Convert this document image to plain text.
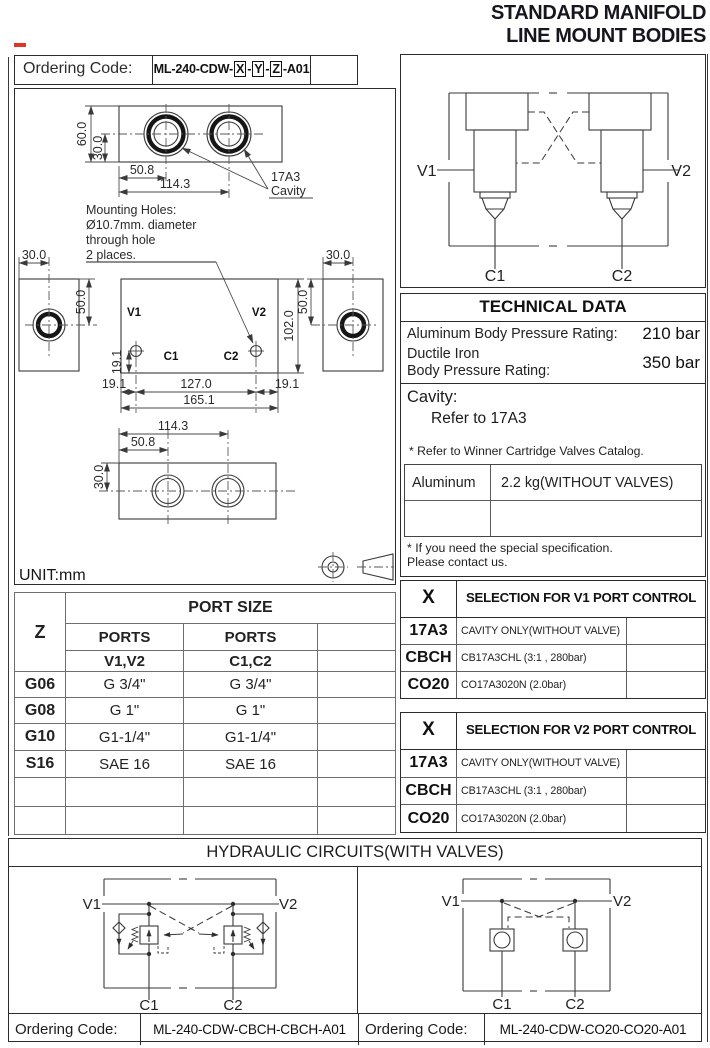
STANDARD MANIFOLD
LINE MOUNT BODIES
Ordering Code:	ML-240-CDW- X - Y - Z -A01
60.0
30.0
50.8
114.3	17A3
Cavity
Mounting Holes:
Ø10.7mm. diameter
through hole
2 places.
30.0
50.0	V1	V2
C1	C2
19.1
19.1	127.0	19.1
165.1
102.0
30.0
50.0
114.3
50.8
30.0
UNIT:mm
V1	V2
C1	C2
TECHNICAL DATA
Aluminum Body Pressure Rating: 210 bar
Ductile Iron
Body Pressure Rating:	350 bar
Cavity:
Refer to 17A3
* Refer to Winner Cartridge Valves Catalog.
Aluminum	2.2 kg(WITHOUT VALVES)
* If you need the special specification.
Please contact us.
X	SELECTION FOR V1 PORT CONTROL
17A3	CAVITY ONLY(WITHOUT VALVE)
CBCH CB17A3CHL (3:1 , 280bar)
CO20	CO17A3020N (2.0bar)
X	SELECTION FOR V2 PORT CONTROL
17A3	CAVITY ONLY(WITHOUT VALVE)
CBCH CB17A3CHL (3:1 , 280bar)
CO20	CO17A3020N (2.0bar)
Z	PORT SIZE		
	PORTS	PORTS	
	V1,V2	C1,C2	
G06	G 3/4"	G 3/4"	
G08	G 1"	G 1"	
G10	G1-1/4"	G1-1/4"	
S16	SAE 16	SAE 16	

HYDRAULIC CIRCUITS(WITH VALVES)
V1	V2
C1	C2
V1	V2
C1	C2
Ordering Code:	ML-240-CDW-CBCH-CBCH-A01	Ordering Code:	ML-240-CDW-CO20-CO20-A01
